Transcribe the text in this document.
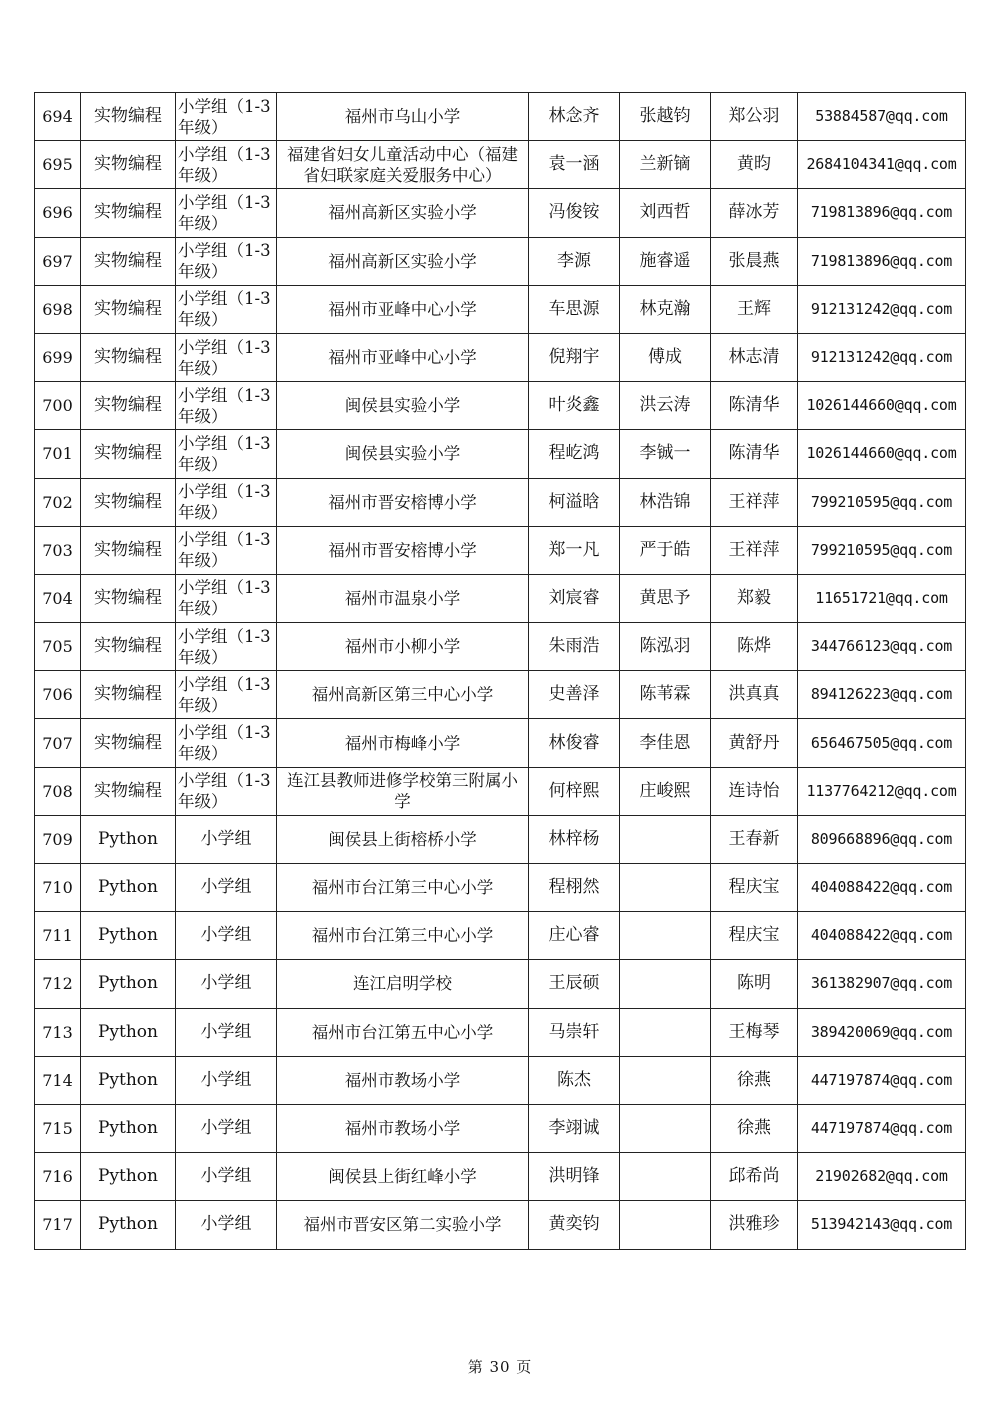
694	实物编程	小学组（1-3年级）	福州市乌山小学	林念齐	张越钧	郑公羽	53884587@qq.com
695	实物编程	小学组（1-3年级）	福建省妇女儿童活动中心（福建省妇联家庭关爱服务中心）	袁一涵	兰新镝	黄昀	2684104341@qq.com
696	实物编程	小学组（1-3年级）	福州高新区实验小学	冯俊铵	刘西哲	薛冰芳	719813896@qq.com
697	实物编程	小学组（1-3年级）	福州高新区实验小学	李源	施睿遥	张晨燕	719813896@qq.com
698	实物编程	小学组（1-3年级）	福州市亚峰中心小学	车思源	林克瀚	王辉	912131242@qq.com
699	实物编程	小学组（1-3年级）	福州市亚峰中心小学	倪翔宇	傅成	林志清	912131242@qq.com
700	实物编程	小学组（1-3年级）	闽侯县实验小学	叶炎鑫	洪云涛	陈清华	1026144660@qq.com
701	实物编程	小学组（1-3年级）	闽侯县实验小学	程屹鸿	李铖一	陈清华	1026144660@qq.com
702	实物编程	小学组（1-3年级）	福州市晋安榕博小学	柯溢晗	林浩锦	王祥萍	799210595@qq.com
703	实物编程	小学组（1-3年级）	福州市晋安榕博小学	郑一凡	严于皓	王祥萍	799210595@qq.com
704	实物编程	小学组（1-3年级）	福州市温泉小学	刘宸睿	黄思予	郑毅	11651721@qq.com
705	实物编程	小学组（1-3年级）	福州市小柳小学	朱雨浩	陈泓羽	陈烨	344766123@qq.com
706	实物编程	小学组（1-3年级）	福州高新区第三中心小学	史善泽	陈苇霖	洪真真	894126223@qq.com
707	实物编程	小学组（1-3年级）	福州市梅峰小学	林俊睿	李佳恩	黄舒丹	656467505@qq.com
708	实物编程	小学组（1-3年级）	连江县教师进修学校第三附属小学	何梓熙	庄峻熙	连诗怡	1137764212@qq.com
709	Python	小学组	闽侯县上街榕桥小学	林梓杨		王春新	809668896@qq.com
710	Python	小学组	福州市台江第三中心小学	程栩然		程庆宝	404088422@qq.com
711	Python	小学组	福州市台江第三中心小学	庄心睿		程庆宝	404088422@qq.com
712	Python	小学组	连江启明学校	王辰硕		陈明	361382907@qq.com
713	Python	小学组	福州市台江第五中心小学	马崇轩		王梅琴	389420069@qq.com
714	Python	小学组	福州市教场小学	陈杰		徐燕	447197874@qq.com
715	Python	小学组	福州市教场小学	李翊诚		徐燕	447197874@qq.com
716	Python	小学组	闽侯县上街红峰小学	洪明锋		邱希尚	21902682@qq.com
717	Python	小学组	福州市晋安区第二实验小学	黄奕钧		洪雅珍	513942143@qq.com
第 30 页
